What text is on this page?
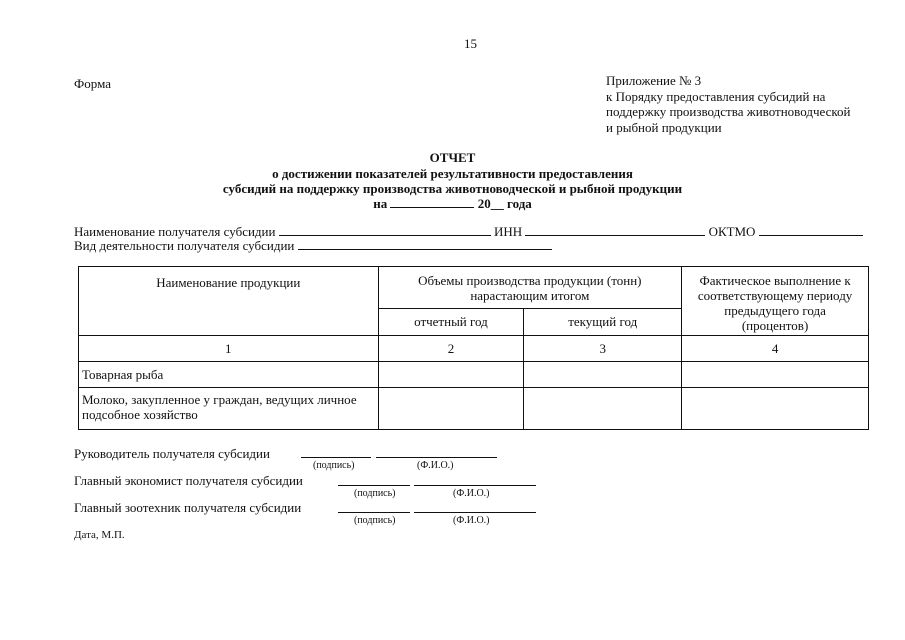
15
Форма	Приложение № 3
к Порядку предоставления субсидий на
поддержку производства животноводческой
и рыбной продукции
ОТЧЕТ
о достижении показателей результативности предоставления
субсидий на поддержку производства животноводческой и рыбной продукции
на	20__ года
Наименование получателя субсидии	ИНН	ОКТМО
Вид деятельности получателя субсидии
Наименование продукции	Объемы производства продукции (тонн) нарастающим итогом		Фактическое выполнение к соответствующему периоду предыдущего года (процентов)
	отчетный год	текущий год	
1	2	3	4
Товарная рыба			
Молоко, закупленное у граждан, ведущих личное подсобное хозяйство			
Руководитель получателя субсидии
(подпись)	(Ф.И.О.)
Главный экономист получателя субсидии
(подпись)	(Ф.И.О.)
Главный зоотехник получателя субсидии
(подпись)	(Ф.И.О.)
Дата, М.П.
